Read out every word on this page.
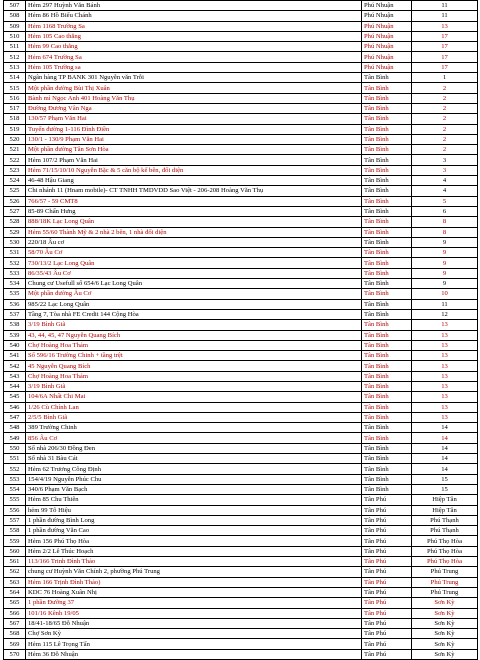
507	Hẻm 297 Huỳnh Văn Bánh	Phú Nhuận	11
508	Hẻm 86 Hồ Biểu Chánh	Phú Nhuận	11
509	Hẻm 1168 Trường Sa	Phú Nhuận	13
510	Hẻm 105 Cao thắng	Phú Nhuận	17
511	Hẻm 99 Cao thắng	Phú Nhuận	17
512	Hẻm 674 Trường Sa	Phú Nhuận	17
513	Hẻm 105 Trường sa	Phú Nhuận	17
514	Ngân hàng TP BANK 301 Nguyễn văn Trỗi	Tân Bình	1
515	Một phần đường Bùi Thị Xuân	Tân Bình	2
516	Bành mì Ngọc Anh 401 Hoàng Văn Thụ	Tân Bình	2
517	Đường Đương Vân Nga	Tân Bình	2
518	130/57 Phạm Văn Hai	Tân Bình	2
519	Tuyến đường 1-116 Đình Điền	Tân Bình	2
520	130/1 - 130/9 Phạm Văn Hai	Tân Bình	2
521	Một phần đường Tân Sơn Hòa	Tân Bình	2
522	Hẻm 107/2 Phạm Văn Hai	Tân Bình	3
523	Hẻm 71/15/10/10 Nguyễn Bặc & 5 căn bộ kế bên, đối diện	Tân Bình	3
524	46-48 Hậu Giang	Tân Bình	4
525	Chi nhánh 11 (Hnam mobile)- CT TNHH TMDVDD Sao Việt - 206-208 Hoàng Văn Thụ	Tân Bình	4
526	766/57 - 59 CMT8	Tân Bình	5
527	85-89 Chấn Hưng	Tân Bình	6
528	888/18K Lạc Long Quân	Tân Bình	8
529	Hẻm 55/60 Thành Mỹ & 2 nhà 2 bên, 1 nhà đối diện	Tân Bình	8
530	220/18 Âu cơ	Tân Bình	9
531	58/70 Âu Cơ	Tân Bình	9
532	730/13/2 Lạc Long Quân	Tân Bình	9
533	86/35/43 Âu Cơ	Tân Bình	9
534	Chung cư Usefull số 654/6 Lạc Long Quân	Tân Bình	9
535	Một phần đường Âu Cơ	Tân Bình	10
536	985/22 Lạc Long Quân	Tân Bình	11
537	Tầng 7, Tòa nhà FE Credit 144 Cộng Hòa	Tân Bình	12
538	3/19 Bình Giã	Tân Bình	13
539	43, 44, 45, 47 Nguyễn Quang Bích	Tân Bình	13
540	Chợ Hoàng Hoa Thám	Tân Bình	13
541	Số 596/16 Trường Chinh + tầng trệt	Tân Bình	13
542	45 Nguyễn Quang Bích	Tân Bình	13
543	Chợ Hoàng Hoa Thám	Tân Bình	13
544	3/19 Bình Giã	Tân Bình	13
545	104/6A Nhất Chi Mai	Tân Bình	13
546	1/26 Cù Chính Lan	Tân Bình	13
547	2/5/5 Bình Giã	Tân Bình	13
548	389 Trường Chinh	Tân Bình	14
549	856 Âu Cơ	Tân Bình	14
550	Số nhà 206/30 Đồng Đen	Tân Bình	14
551	Số nhà 31 Bàu Cát	Tân Bình	14
552	Hẻm 62 Trương Công Định	Tân Bình	14
553	154/4/19 Nguyễn Phúc Chu	Tân Bình	15
554	340/6 Phạm Văn Bạch	Tân Bình	15
555	Hẻm 85 Chu Thiên	Tân Phú	Hiệp Tân
556	hẻm 99 Tô Hiệu	Tân Phú	Hiệp Tân
557	1 phần đường Bình Long	Tân Phú	Phú Thạnh
558	1 phần đường Văn Cao	Tân Phú	Phú Thạnh
559	Hẻm 156 Phú Thọ Hòa	Tân Phú	Phú Thọ Hòa
560	Hẻm 2/2 Lê Thúc Hoạch	Tân Phú	Phú Thọ Hòa
561	113/166 Trinh Đình Thảo	Tân Phú	Phú Thọ Hòa
562	chung cư Huỳnh Văn Chính 2, phường Phú Trung	Tân Phú	Phú Trung
563	Hẻm 166 Trịnh Đình Thảo)	Tân Phú	Phú Trung
564	KDC 76 Hoàng Xuân Nhị	Tân Phú	Phú Trung
565	1 phần Đường 37	Tân Phú	Sơn Kỳ
566	101/16 Kênh 19/05	Tân Phú	Sơn Kỳ
567	18/41-18/65 Đỗ Nhuận	Tân Phú	Sơn Kỳ
568	Chợ Sơn Kỳ	Tân Phú	Sơn Kỳ
569	Hẻm 115 Lê Trọng Tấn	Tân Phú	Sơn Kỳ
570	Hẻm 36 Đỗ Nhuận	Tân Phú	Sơn Kỳ
